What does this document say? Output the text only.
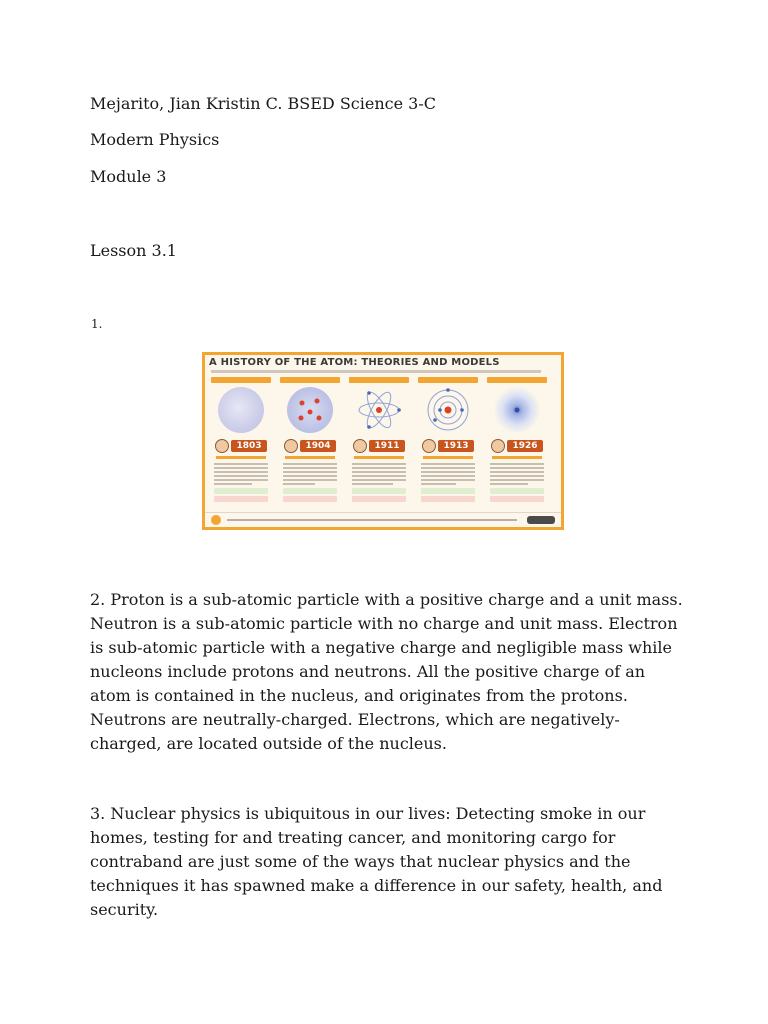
Mejarito, Jian Kristin C. BSED Science 3-C
Modern Physics
Module 3
Lesson 3.1
1.
A HISTORY OF THE ATOM: THEORIES AND MODELS
1803	1904	1911	1913	1926
2. Proton is a sub-atomic particle with a positive charge and a unit mass. Neutron is a sub-atomic particle with no charge and unit mass. Electron is sub-atomic particle with a negative charge and negligible mass while nucleons include protons and neutrons. All the positive charge of an atom is contained in the nucleus, and originates from the protons. Neutrons are neutrally-charged. Electrons, which are negatively-charged, are located outside of the nucleus.
3. Nuclear physics is ubiquitous in our lives: Detecting smoke in our homes, testing for and treating cancer, and monitoring cargo for contraband are just some of the ways that nuclear physics and the techniques it has spawned make a difference in our safety, health, and security.
